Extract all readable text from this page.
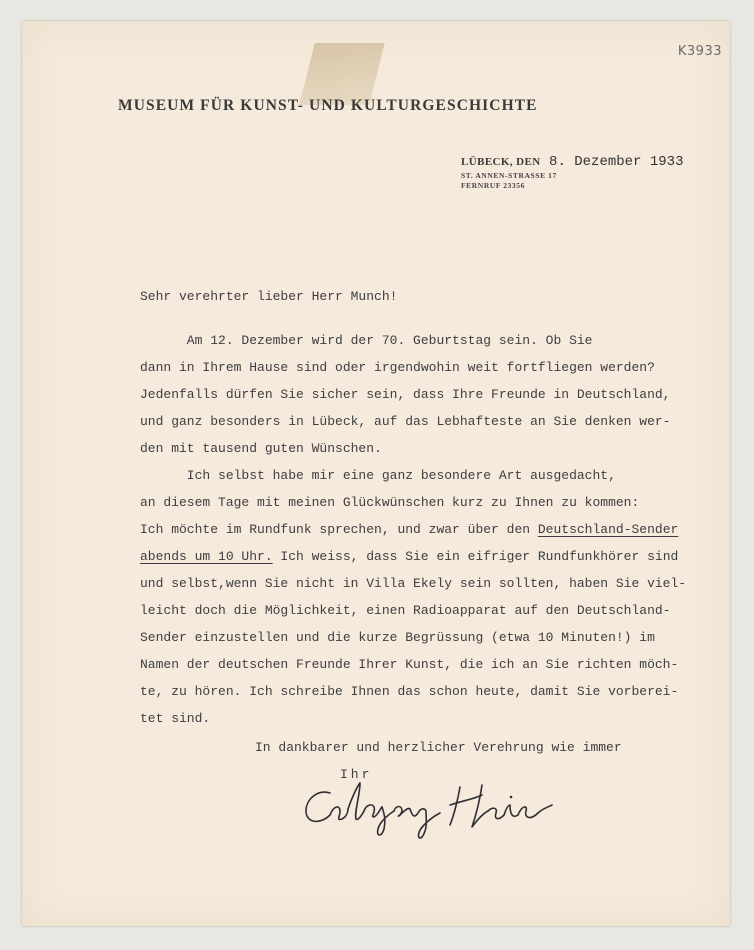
K3933
MUSEUM FÜR KUNST- UND KULTURGESCHICHTE
LÜBECK, DEN 8. Dezember 1933
ST. ANNEN-STRASSE 17
FERNRUF 23356
Sehr verehrter lieber Herr Munch!
Am 12. Dezember wird der 70. Geburtstag sein. Ob Sie
dann in Ihrem Hause sind oder irgendwohin weit fortfliegen werden?
Jedenfalls dürfen Sie sicher sein, dass Ihre Freunde in Deutschland,
und ganz besonders in Lübeck, auf das Lebhafteste an Sie denken wer-
den mit tausend guten Wünschen.
Ich selbst habe mir eine ganz besondere Art ausgedacht,
an diesem Tage mit meinen Glückwünschen kurz zu Ihnen zu kommen:
Ich möchte im Rundfunk sprechen, und zwar über den Deutschland-Sender
abends um 10 Uhr. Ich weiss, dass Sie ein eifriger Rundfunkhörer sind
und selbst,wenn Sie nicht in Villa Ekely sein sollten, haben Sie viel-
leicht doch die Möglichkeit, einen Radioapparat auf den Deutschland-
Sender einzustellen und die kurze Begrüssung (etwa 10 Minuten!) im
Namen der deutschen Freunde Ihrer Kunst, die ich an Sie richten möch-
te, zu hören. Ich schreibe Ihnen das schon heute, damit Sie vorberei-
tet sind.
In dankbarer und herzlicher Verehrung wie immer
Ihr
